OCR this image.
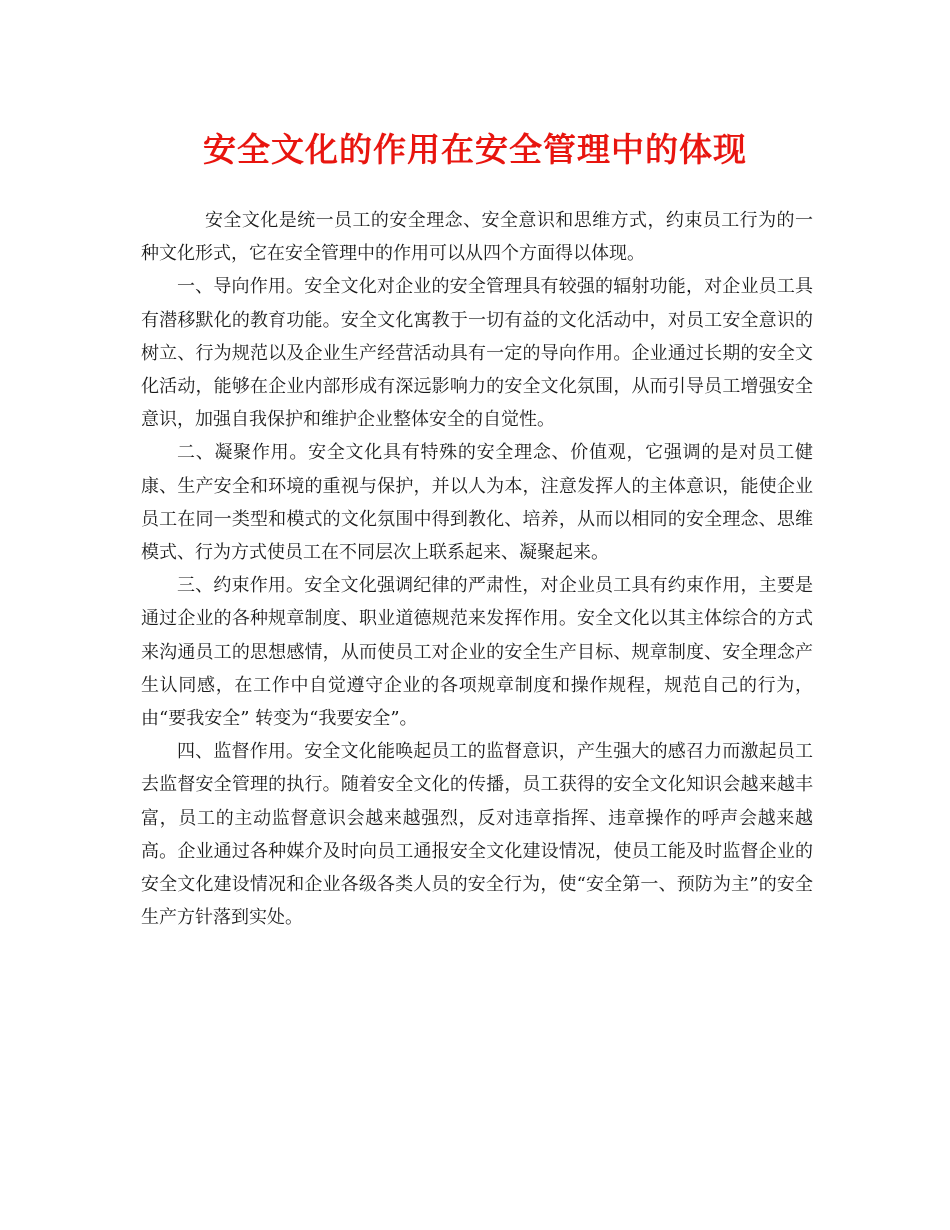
安全文化的作用在安全管理中的体现

安全文化是统一员工的安全理念、安全意识和思维方式，约束员工行为的一种文化形式，它在安全管理中的作用可以从四个方面得以体现。

一、导向作用。安全文化对企业的安全管理具有较强的辐射功能，对企业员工具有潜移默化的教育功能。安全文化寓教于一切有益的文化活动中，对员工安全意识的树立、行为规范以及企业生产经营活动具有一定的导向作用。企业通过长期的安全文化活动，能够在企业内部形成有深远影响力的安全文化氛围，从而引导员工增强安全意识，加强自我保护和维护企业整体安全的自觉性。

二、凝聚作用。安全文化具有特殊的安全理念、价值观，它强调的是对员工健康、生产安全和环境的重视与保护，并以人为本，注意发挥人的主体意识，能使企业员工在同一类型和模式的文化氛围中得到教化、培养，从而以相同的安全理念、思维模式、行为方式使员工在不同层次上联系起来、凝聚起来。

三、约束作用。安全文化强调纪律的严肃性，对企业员工具有约束作用，主要是通过企业的各种规章制度、职业道德规范来发挥作用。安全文化以其主体综合的方式来沟通员工的思想感情，从而使员工对企业的安全生产目标、规章制度、安全理念产生认同感，在工作中自觉遵守企业的各项规章制度和操作规程，规范自己的行为，由“要我安全” 转变为“我要安全”。

四、监督作用。安全文化能唤起员工的监督意识，产生强大的感召力而激起员工去监督安全管理的执行。随着安全文化的传播，员工获得的安全文化知识会越来越丰富，员工的主动监督意识会越来越强烈，反对违章指挥、违章操作的呼声会越来越高。企业通过各种媒介及时向员工通报安全文化建设情况，使员工能及时监督企业的安全文化建设情况和企业各级各类人员的安全行为，使“安全第一、预防为主”的安全生产方针落到实处。
